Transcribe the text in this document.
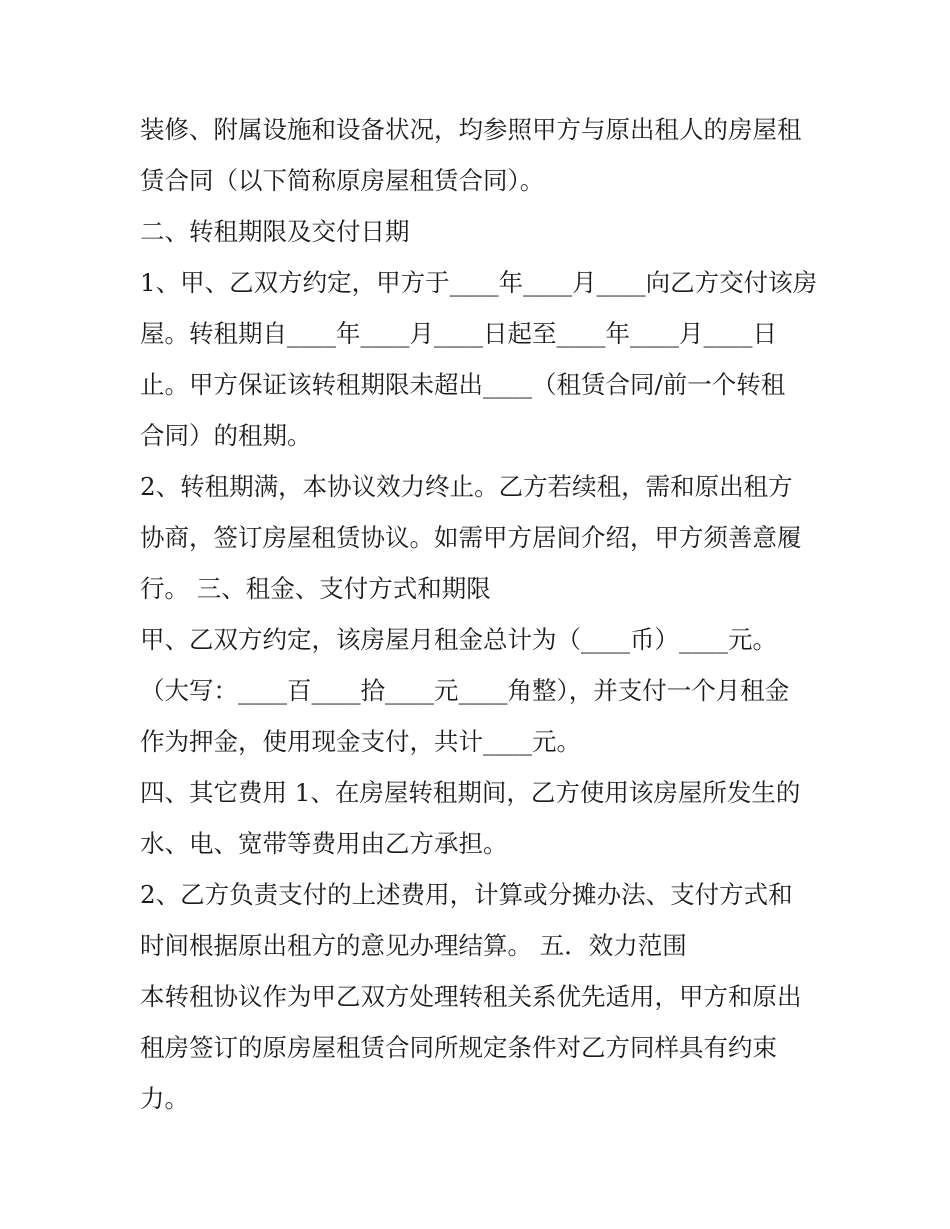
装修、附属设施和设备状况，均参照甲方与原出租人的房屋租
赁合同（以下简称原房屋租赁合同）。
二、转租期限及交付日期
1、甲、乙双方约定，甲方于____年____月____向乙方交付该房
屋。转租期自____年____月____日起至____年____月____日
止。甲方保证该转租期限未超出____（租赁合同/前一个转租
合同）的租期。
2、转租期满，本协议效力终止。乙方若续租，需和原出租方
协商，签订房屋租赁协议。如需甲方居间介绍，甲方须善意履
行。 三、租金、支付方式和期限
甲、乙双方约定，该房屋月租金总计为（____币）____元。
（大写：____百____拾____元____角整），并支付一个月租金
作为押金，使用现金支付，共计____元。
四、其它费用 1、在房屋转租期间，乙方使用该房屋所发生的
水、电、宽带等费用由乙方承担。
2、乙方负责支付的上述费用，计算或分摊办法、支付方式和
时间根据原出租方的意见办理结算。 五．效力范围
本转租协议作为甲乙双方处理转租关系优先适用，甲方和原出
租房签订的原房屋租赁合同所规定条件对乙方同样具有约束
力。
